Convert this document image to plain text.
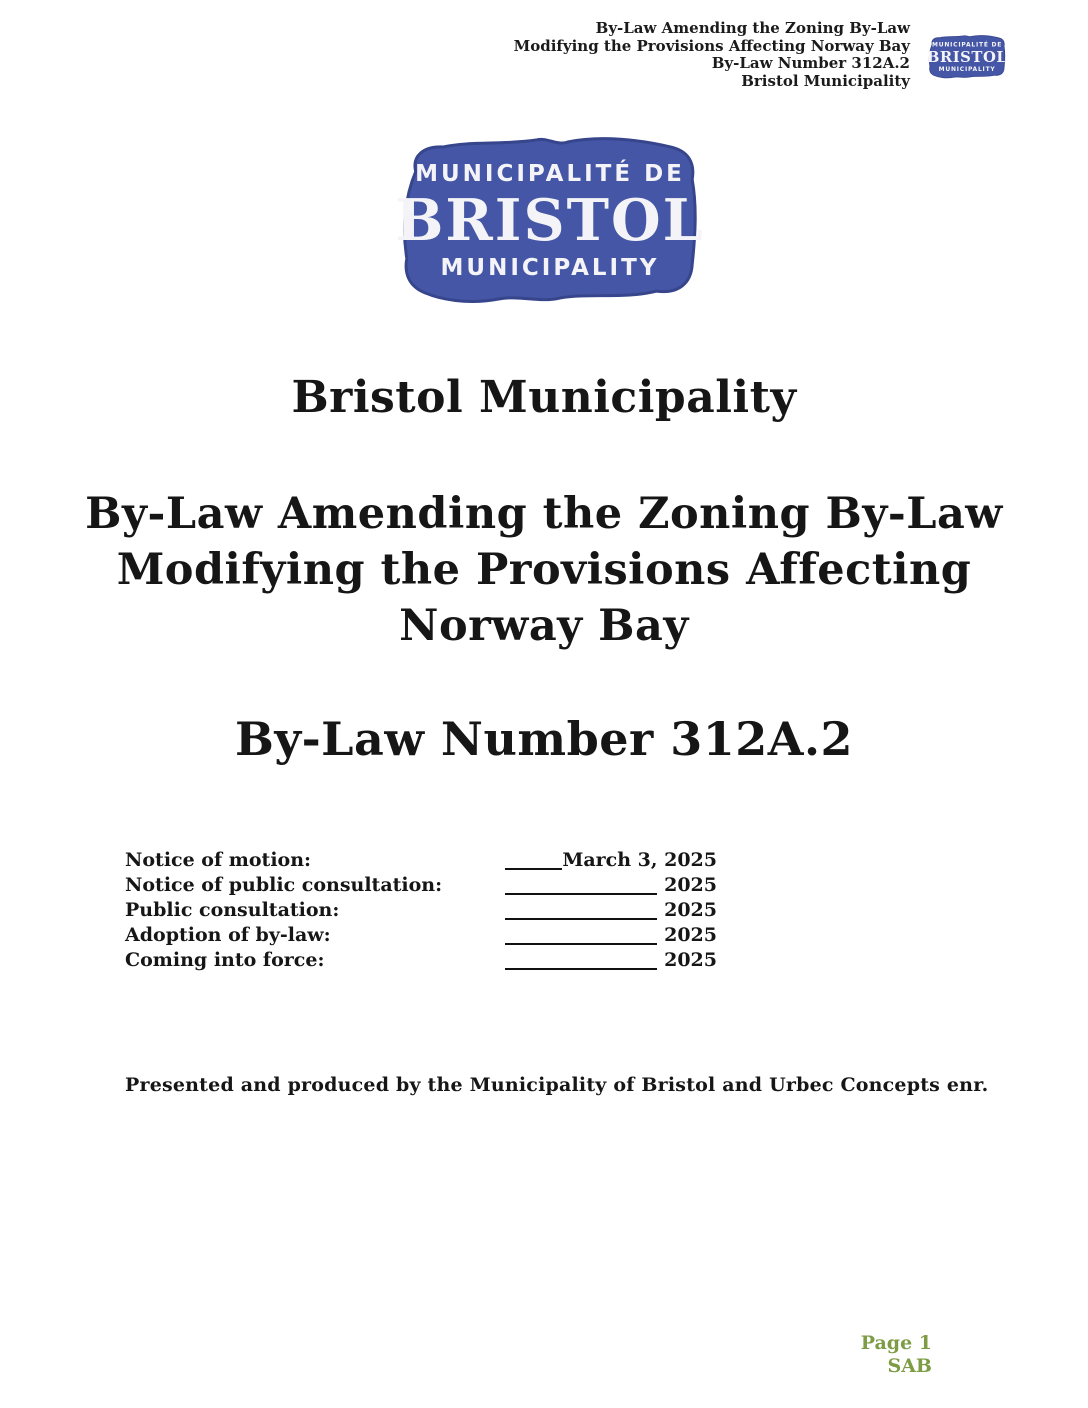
By-Law Amending the Zoning By-Law
Modifying the Provisions Affecting Norway Bay
By-Law Number 312A.2
Bristol Municipality
MUNICIPALITÉ DE
BRISTOL
MUNICIPALITY
MUNICIPALITÉ DE
BRISTOL
MUNICIPALITY
Bristol Municipality
By-Law Amending the Zoning By-Law
Modifying the Provisions Affecting
Norway Bay
By-Law Number 312A.2
Notice of motion:	March 3, 2025
Notice of public consultation:	2025
Public consultation:	2025
Adoption of by-law:	2025
Coming into force:	2025
Presented and produced by the Municipality of Bristol and Urbec Concepts enr.
Page 1
SAB
